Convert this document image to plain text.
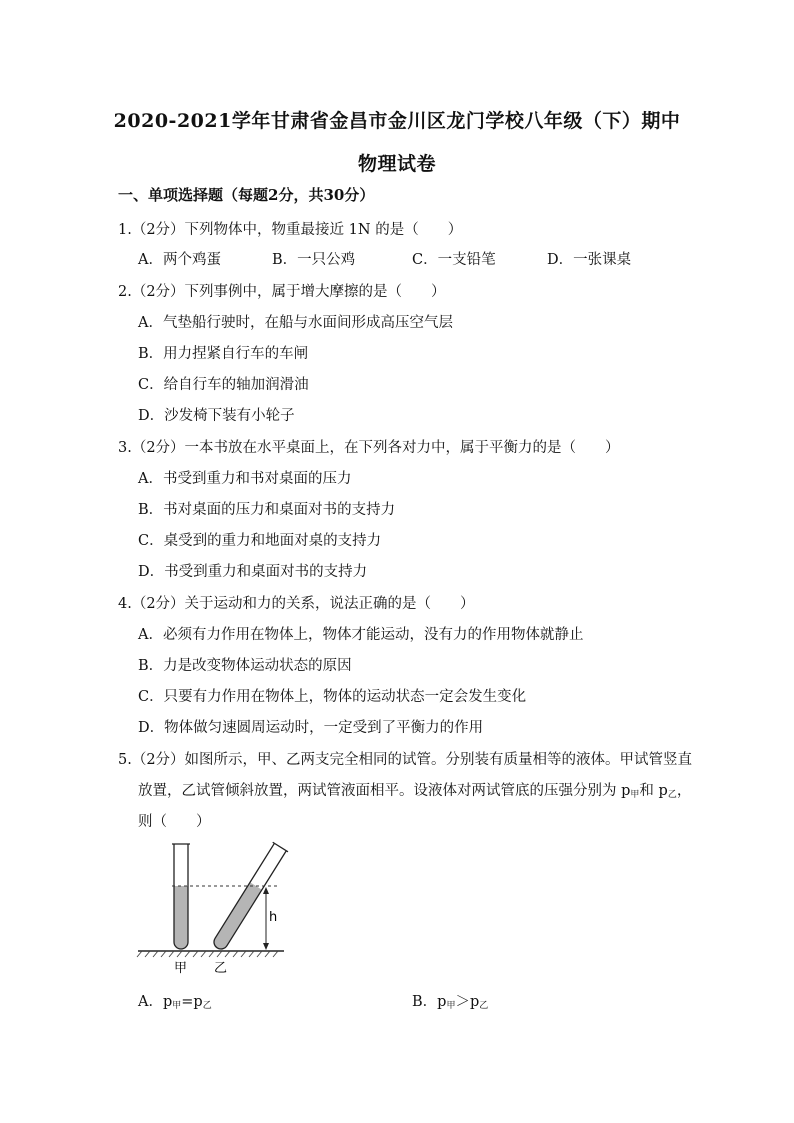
2020-2021学年甘肃省金昌市金川区龙门学校八年级（下）期中
物理试卷
一、单项选择题（每题2分，共30分）
1.（2分）下列物体中，物重最接近 1N 的是（　　）
A．两个鸡蛋	B．一只公鸡	C．一支铅笔	D．一张课桌
2.（2分）下列事例中，属于增大摩擦的是（　　）
A．气垫船行驶时，在船与水面间形成高压空气层
B．用力捏紧自行车的车闸
C．给自行车的轴加润滑油
D．沙发椅下装有小轮子
3.（2分）一本书放在水平桌面上，在下列各对力中，属于平衡力的是（　　）
A．书受到重力和书对桌面的压力
B．书对桌面的压力和桌面对书的支持力
C．桌受到的重力和地面对桌的支持力
D．书受到重力和桌面对书的支持力
4.（2分）关于运动和力的关系，说法正确的是（　　）
A．必须有力作用在物体上，物体才能运动，没有力的作用物体就静止
B．力是改变物体运动状态的原因
C．只要有力作用在物体上，物体的运动状态一定会发生变化
D．物体做匀速圆周运动时，一定受到了平衡力的作用
5.（2分）如图所示，甲、乙两支完全相同的试管。分别装有质量相等的液体。甲试管竖直
放置，乙试管倾斜放置，两试管液面相平。设液体对两试管底的压强分别为 $p_甲$和 $p_乙$，
则（　　）
h
甲 乙
A．$p_甲=p_乙$	B．$p_甲>p_乙$
